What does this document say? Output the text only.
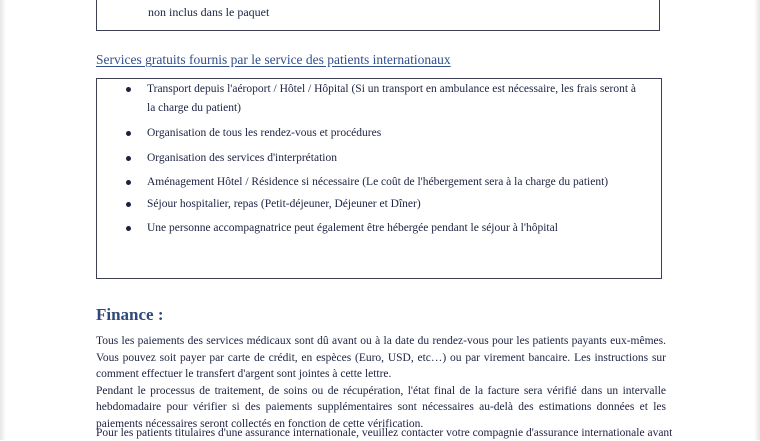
non inclus dans le paquet
Services gratuits fournis par le service des patients internationaux
Transport depuis l'aéroport / Hôtel / Hôpital (Si un transport en ambulance est nécessaire, les frais seront à la charge du patient)
Organisation de tous les rendez-vous et procédures
Organisation des services d'interprétation
Aménagement Hôtel / Résidence si nécessaire (Le coût de l'hébergement sera à la charge du patient)
Séjour hospitalier, repas (Petit-déjeuner, Déjeuner et Dîner)
Une personne accompagnatrice peut également être hébergée pendant le séjour à l'hôpital
Finance :

Tous les paiements des services médicaux sont dû avant ou à la date du rendez-vous pour les patients payants eux-mêmes. Vous pouvez soit payer par carte de crédit, en espèces (Euro, USD, etc…) ou par virement bancaire. Les instructions sur comment effectuer le transfert d'argent sont jointes à cette lettre.

Pendant le processus de traitement, de soins ou de récupération, l'état final de la facture sera vérifié dans un intervalle hebdomadaire pour vérifier si des paiements supplémentaires sont nécessaires au-delà des estimations données et les paiements nécessaires seront collectés en fonction de cette vérification.

Pour les patients titulaires d'une assurance internationale, veuillez contacter votre compagnie d'assurance internationale avant
